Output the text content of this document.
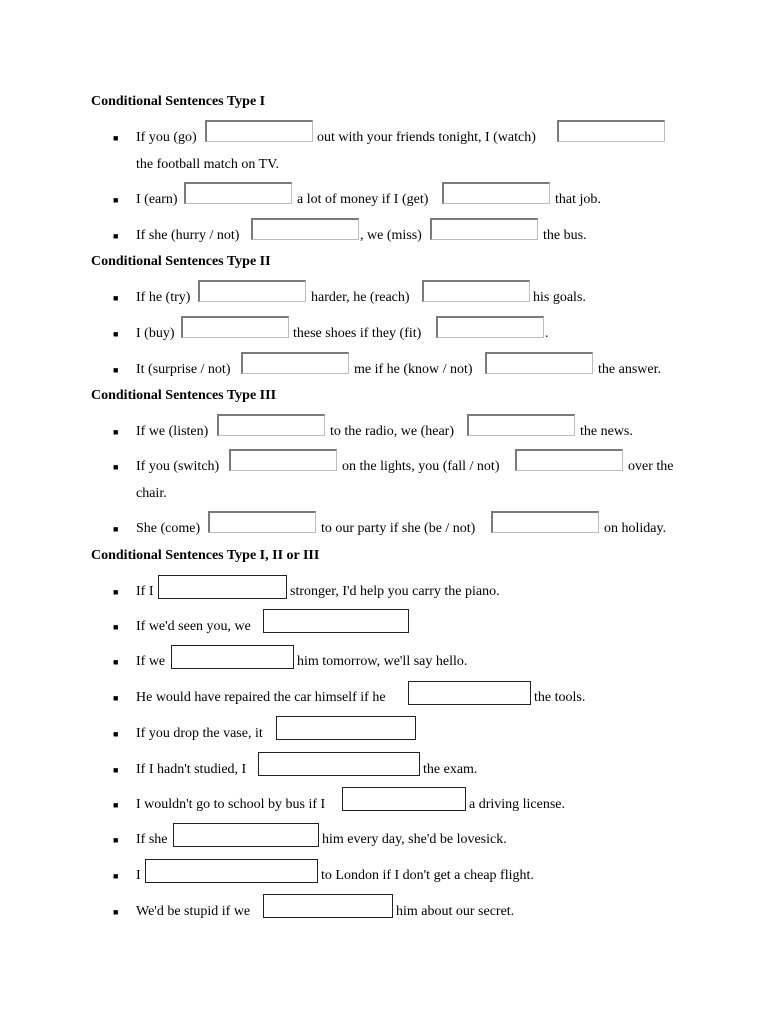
Conditional Sentences Type I
■ If you (go)	out with your friends tonight, I (watch)
the football match on TV.
■ I (earn)	a lot of money if I (get)	that job.
■ If she (hurry / not)	, we (miss)	the bus.
Conditional Sentences Type II
■ If he (try)	harder, he (reach)	his goals.
■ I (buy)	these shoes if they (fit)	.
■ It (surprise / not)	me if he (know / not)	the answer.
Conditional Sentences Type III
■ If we (listen)	to the radio, we (hear)	the news.
■ If you (switch)	on the lights, you (fall / not)	over the
chair.
■ She (come)	to our party if she (be / not)	on holiday.
Conditional Sentences Type I, II or III
■ If I	stronger, I'd help you carry the piano.
■ If we'd seen you, we
■ If we	him tomorrow, we'll say hello.
■ He would have repaired the car himself if he	the tools.
■ If you drop the vase, it
■ If I hadn't studied, I	the exam.
■ I wouldn't go to school by bus if I	a driving license.
■ If she	him every day, she'd be lovesick.
■ I	to London if I don't get a cheap flight.
■ We'd be stupid if we	him about our secret.
